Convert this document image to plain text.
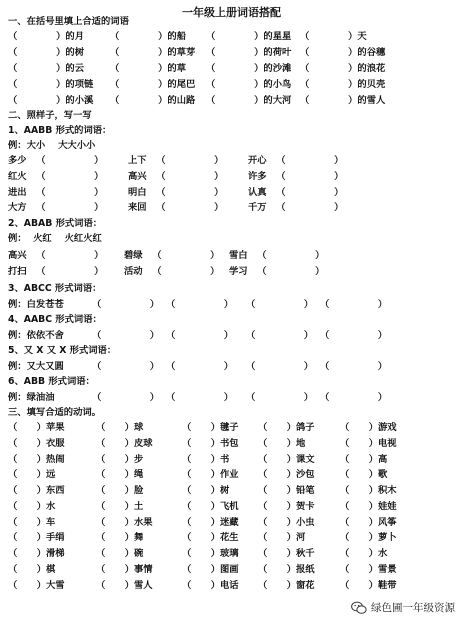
一年级上册词语搭配
一、在括号里填上合适的词语
（            ）的月	（            ）的船 （            ）的星星 （            ）天
（            ）的树	（            ）的草芽 （            ）的荷叶 （            ）的谷穗
（            ）的云	（            ）的草 （            ）的沙滩 （            ）的浪花
（            ）的项链 （            ）的尾巴 （            ）的小鸟 （            ）的贝壳
（            ）的小溪 （            ）的山路 （            ）的大河 （            ）的雪人
二、照样子，写一写
1、AABB 形式的词语：
例：大小    大大小小
多少   （               ）	上下   （               ）	开心   （               ）
红火   （               ）	高兴   （               ）	许多   （               ）
进出   （               ）	明白   （               ）	认真   （               ）
大方   （               ）	来回   （               ）	千万   （               ）
2、ABAB 形式词语：
例：  火红    火红火红
高兴   （               ） 碧绿   （               ） 雪白   （               ）
打扫   （               ） 活动   （               ） 学习   （               ）
3、ABCC 形式词语：
例：白发苍苍	（               ） （               ） （               ） （               ）
4、AABC 形式词语：
例：依依不舍	（               ） （               ） （               ） （               ）
5、又 X 又 X 形式词语：
例：又大又圆	（               ） （               ） （               ） （               ）
6、ABB 形式词语：
例：绿油油	（               ） （               ） （               ） （               ）
三、填写合适的动词。
（      ）苹果	（      ）球	（      ）毽子 （      ）鸽子	（      ）游戏
（      ）衣服	（      ）皮球	（      ）书包 （      ）地	（      ）电视
（      ）热闹	（      ）步	（      ）书	（      ）课文	（      ）高
（      ）远	（      ）绳	（      ）作业 （      ）沙包	（      ）歌
（      ）东西	（      ）脸	（      ）树	（      ）铅笔	（      ）积木
（      ）水	（      ）土	（      ）飞机 （      ）贺卡	（      ）娃娃
（      ）车	（      ）水果	（      ）迷藏 （      ）小虫	（      ）风筝
（      ）手绢	（      ）舞	（      ）花生 （      ）河	（      ）萝卜
（      ）滑梯	（      ）碗	（      ）玻璃 （      ）秋千	（      ）水
（      ）棋	（      ）事情	（      ）图画 （      ）报纸	（      ）雪景
（      ）大雪	（      ）雪人	（      ）电话 （      ）窗花	（      ）鞋带
绿色圃一年级资源
